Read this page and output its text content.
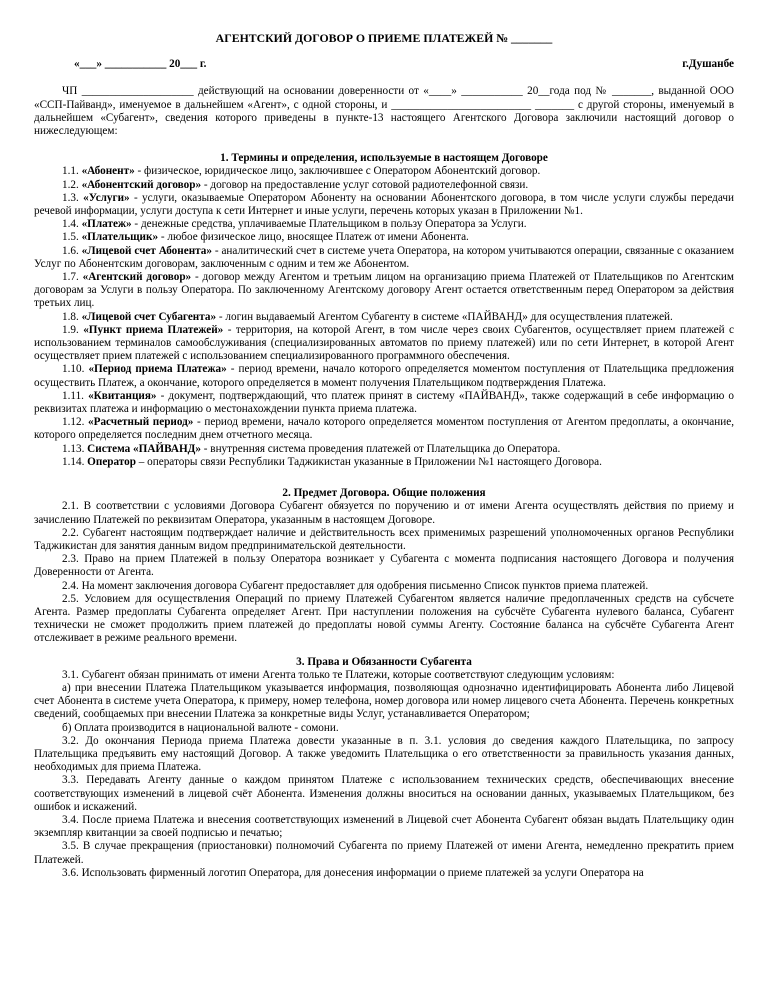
АГЕНТСКИЙ ДОГОВОР О ПРИЕМЕ ПЛАТЕЖЕЙ № _______
«___» ___________ 20___ г.	г.Душанбе

ЧП ____________________ действующий на основании доверенности от «____» ___________ 20__года под № _______, выданной ООО «ССП-Пайванд», именуемое в дальнейшем «Агент», с одной стороны, и _________________________ _______ с другой стороны, именуемый в дальнейшем «Субагент», сведения которого приведены в пункте-13 настоящего Агентского Договора заключили настоящий договор о нижеследующем:

1. Термины и определения, используемые в настоящем Договоре

1.1. «Абонент» - физическое, юридическое лицо, заключившее с Оператором Абонентский договор.

1.2. «Абонентский договор» - договор на предоставление услуг сотовой радиотелефонной связи.

1.3. «Услуги» - услуги, оказываемые Оператором Абоненту на основании Абонентского договора, в том числе услуги службы передачи речевой информации, услуги доступа к сети Интернет и иные услуги, перечень которых указан в Приложении №1.

1.4. «Платеж» - денежные средства, уплачиваемые Плательщиком в пользу Оператора за Услуги.

1.5. «Плательщик» - любое физическое лицо, вносящее Платеж от имени Абонента.

1.6. «Лицевой счет Абонента» - аналитический счет в системе учета Оператора, на котором учитываются операции, связанные с оказанием Услуг по Абонентским договорам, заключенным с одним и тем же Абонентом.

1.7. «Агентский договор» - договор между Агентом и третьим лицом на организацию приема Платежей от Плательщиков по Агентским договорам за Услуги в пользу Оператора. По заключенному Агентскому договору Агент остается ответственным перед Оператором за действия третьих лиц.

1.8. «Лицевой счет Субагента» - логин выдаваемый Агентом Субагенту в системе «ПАЙВАНД» для осуществления платежей.

1.9. «Пункт приема Платежей» - территория, на которой Агент, в том числе через своих Субагентов, осуществляет прием платежей с использованием терминалов самообслуживания (специализированных автоматов по приему платежей) или по сети Интернет, в которой Агент осуществляет прием платежей с использованием специализированного программного обеспечения.

1.10. «Период приема Платежа» - период времени, начало которого определяется моментом поступления от Плательщика предложения осуществить Платеж, а окончание, которого определяется в момент получения Плательщиком подтверждения Платежа.

1.11. «Квитанция» - документ, подтверждающий, что платеж принят в систему «ПАЙВАНД», также содержащий в себе информацию о реквизитах платежа и информацию о местонахождении пункта приема платежа.

1.12. «Расчетный период» - период времени, начало которого определяется моментом поступления от Агентом предоплаты, а окончание, которого определяется последним днем отчетного месяца.

1.13. Система «ПАЙВАНД» - внутренняя система проведения платежей от Плательщика до Оператора.

1.14. Оператор – операторы связи Республики Таджикистан указанные в Приложении №1 настоящего Договора.

2. Предмет Договора. Общие положения

2.1. В соответствии с условиями Договора Субагент обязуется по поручению и от имени Агента осуществлять действия по приему и зачислению Платежей по реквизитам Оператора, указанным в настоящем Договоре.

2.2. Субагент настоящим подтверждает наличие и действительность всех применимых разрешений уполномоченных органов Республики Таджикистан для занятия данным видом предпринимательской деятельности.

2.3. Право на прием Платежей в пользу Оператора возникает у Субагента с момента подписания настоящего Договора и получения Доверенности от Агента.

2.4. На момент заключения договора Субагент предоставляет для одобрения письменно Список пунктов приема платежей.

2.5. Условием для осуществления Операций по приему Платежей Субагентом является наличие предоплаченных средств на субсчете Агента. Размер предоплаты Субагента определяет Агент. При наступлении положения на субсчёте Субагента нулевого баланса, Субагент технически не сможет продолжить прием платежей до предоплаты новой суммы Агенту. Состояние баланса на субсчёте Субагента Агент отслеживает в режиме реального времени.

3. Права и Обязанности Субагента

3.1. Субагент обязан принимать от имени Агента только те Платежи, которые соответствуют следующим условиям:

а) при внесении Платежа Плательщиком указывается информация, позволяющая однозначно идентифицировать Абонента либо Лицевой счет Абонента в системе учета Оператора, к примеру, номер телефона, номер договора или номер лицевого счета Абонента. Перечень конкретных сведений, сообщаемых при внесении Платежа за конкретные виды Услуг, устанавливается Оператором;

б) Оплата производится в национальной валюте - сомони.

3.2. До окончания Периода приема Платежа довести указанные в п. 3.1. условия до сведения каждого Плательщика, по запросу Плательщика предъявить ему настоящий Договор. А также уведомить Плательщика о его ответственности за правильность указания данных, необходимых для приема Платежа.

3.3. Передавать Агенту данные о каждом принятом Платеже с использованием технических средств, обеспечивающих внесение соответствующих изменений в лицевой счёт Абонента. Изменения должны вноситься на основании данных, указываемых Плательщиком, без ошибок и искажений.

3.4. После приема Платежа и внесения соответствующих изменений в Лицевой счет Абонента Субагент обязан выдать Плательщику один экземпляр квитанции за своей подписью и печатью;

3.5. В случае прекращения (приостановки) полномочий Субагента по приему Платежей от имени Агента, немедленно прекратить прием Платежей.

3.6. Использовать фирменный логотип Оператора, для донесения информации о приеме платежей за услуги Оператора на
